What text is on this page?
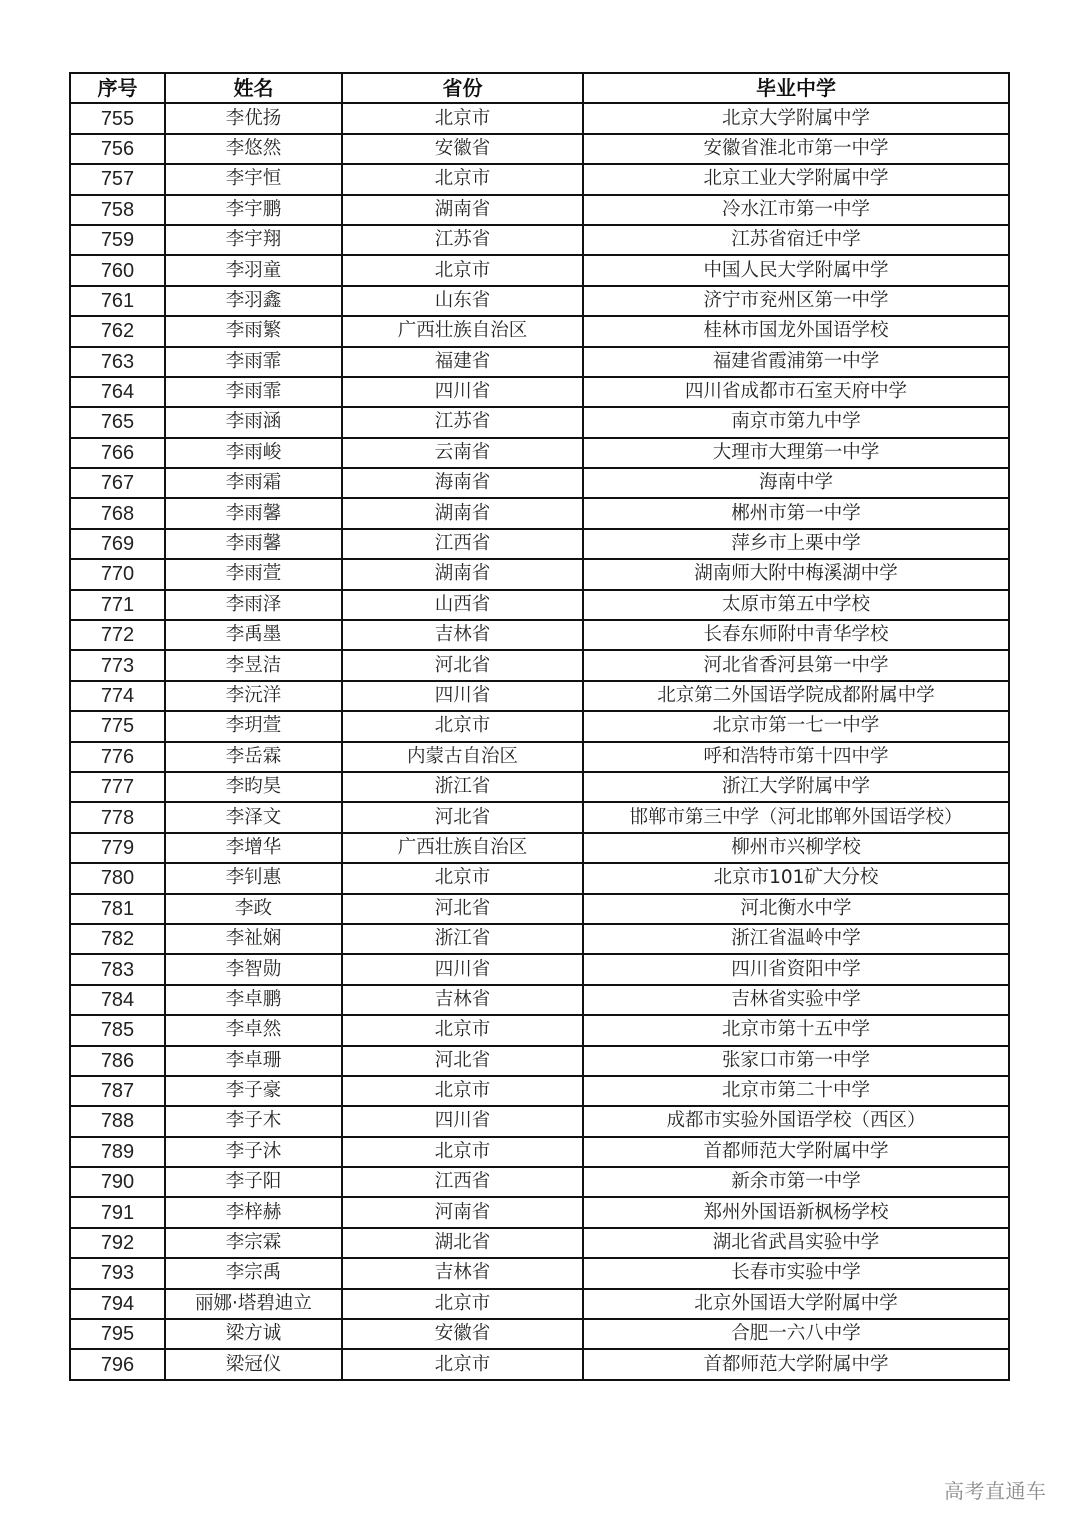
序号	姓名	省份	毕业中学
755	李优扬	北京市	北京大学附属中学
756	李悠然	安徽省	安徽省淮北市第一中学
757	李宇恒	北京市	北京工业大学附属中学
758	李宇鹏	湖南省	冷水江市第一中学
759	李宇翔	江苏省	江苏省宿迁中学
760	李羽童	北京市	中国人民大学附属中学
761	李羽鑫	山东省	济宁市兖州区第一中学
762	李雨繁	广西壮族自治区	桂林市国龙外国语学校
763	李雨霏	福建省	福建省霞浦第一中学
764	李雨霏	四川省	四川省成都市石室天府中学
765	李雨涵	江苏省	南京市第九中学
766	李雨峻	云南省	大理市大理第一中学
767	李雨霜	海南省	海南中学
768	李雨馨	湖南省	郴州市第一中学
769	李雨馨	江西省	萍乡市上栗中学
770	李雨萱	湖南省	湖南师大附中梅溪湖中学
771	李雨泽	山西省	太原市第五中学校
772	李禹墨	吉林省	长春东师附中青华学校
773	李昱洁	河北省	河北省香河县第一中学
774	李沅洋	四川省	北京第二外国语学院成都附属中学
775	李玥萱	北京市	北京市第一七一中学
776	李岳霖	内蒙古自治区	呼和浩特市第十四中学
777	李昀昊	浙江省	浙江大学附属中学
778	李泽文	河北省	邯郸市第三中学（河北邯郸外国语学校）
779	李增华	广西壮族自治区	柳州市兴柳学校
780	李钊惠	北京市	北京市101矿大分校
781	李政	河北省	河北衡水中学
782	李祉娴	浙江省	浙江省温岭中学
783	李智勋	四川省	四川省资阳中学
784	李卓鹏	吉林省	吉林省实验中学
785	李卓然	北京市	北京市第十五中学
786	李卓珊	河北省	张家口市第一中学
787	李子豪	北京市	北京市第二十中学
788	李子木	四川省	成都市实验外国语学校（西区）
789	李子沐	北京市	首都师范大学附属中学
790	李子阳	江西省	新余市第一中学
791	李梓赫	河南省	郑州外国语新枫杨学校
792	李宗霖	湖北省	湖北省武昌实验中学
793	李宗禹	吉林省	长春市实验中学
794	丽娜·塔碧迪立	北京市	北京外国语大学附属中学
795	梁方诚	安徽省	合肥一六八中学
796	梁冠仪	北京市	首都师范大学附属中学
高考直通车
